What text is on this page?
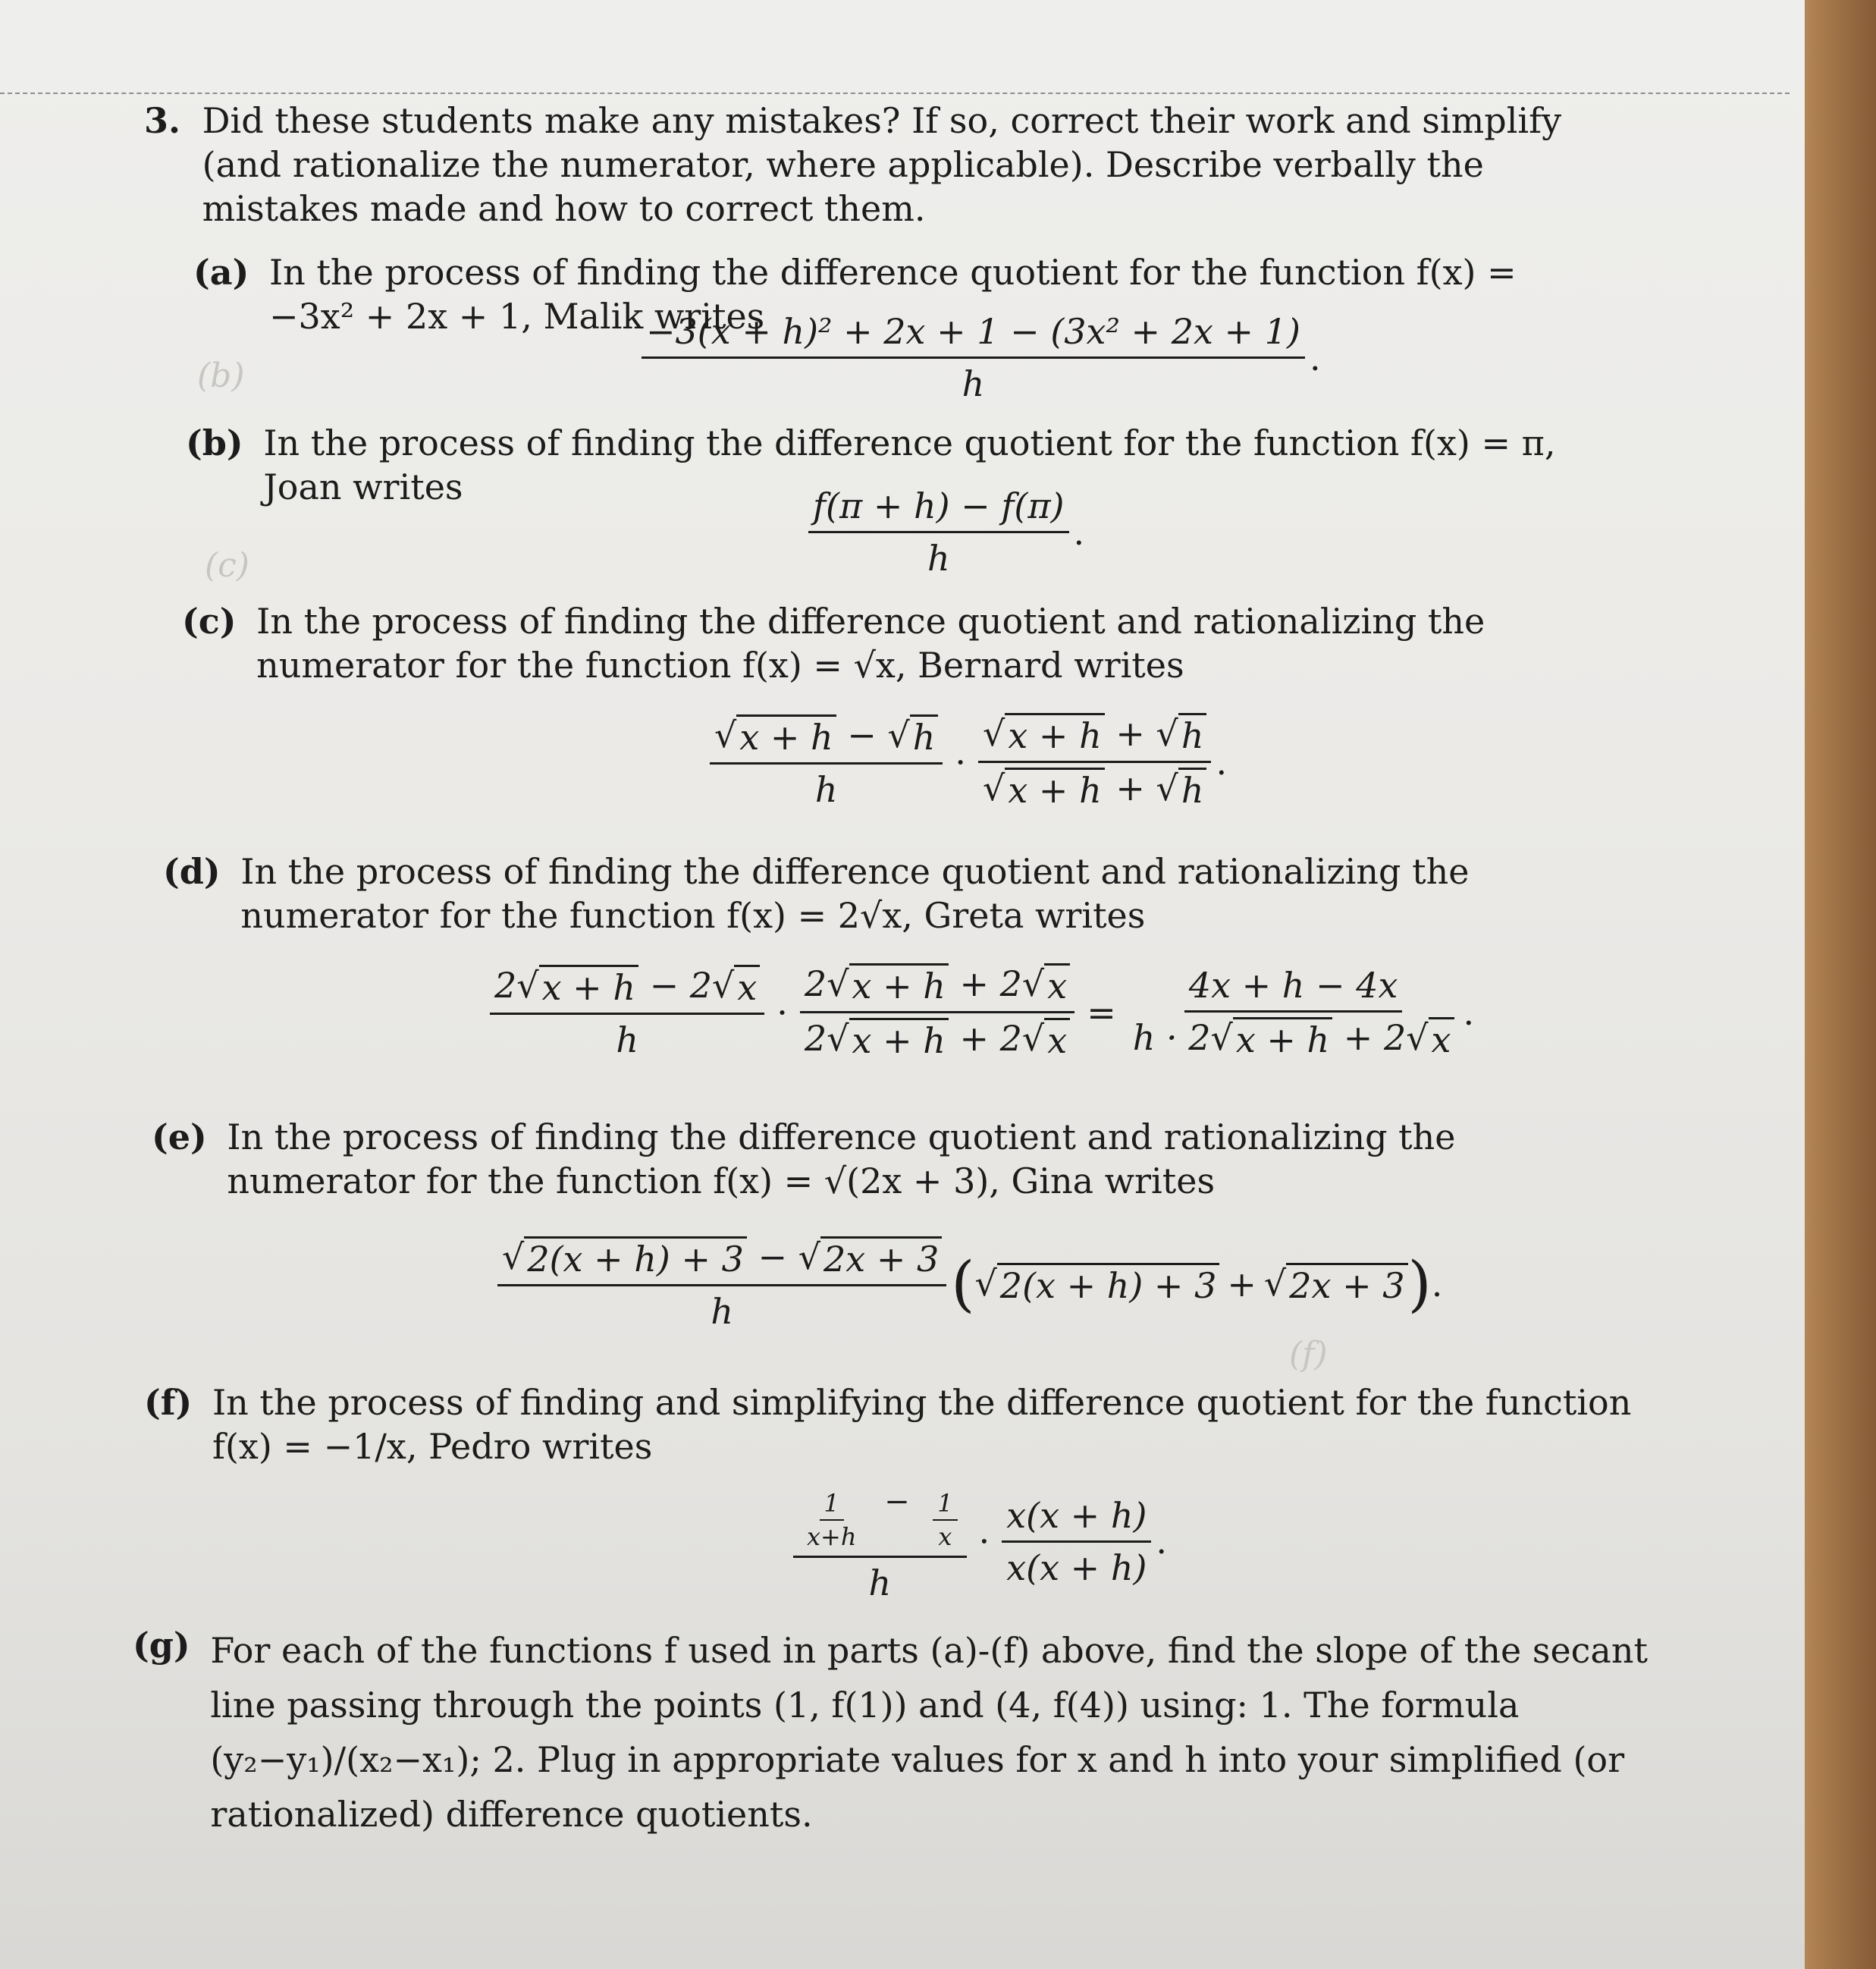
(b)
(c)
(f)
3. Did these students make any mistakes? If so, correct their work and simplify (and rationalize the numerator, where applicable). Describe verbally the mistakes made and how to correct them.
(a) In the process of finding the difference quotient for the function f(x) = −3x² + 2x + 1, Malik writes
$\frac{\text{−3(x + h)² + 2x + 1 − (3x² + 2x + 1)}}{h}$ .
(b) In the process of finding the difference quotient for the function f(x) = π, Joan writes	$\frac{f(\pi + h) - f(\pi)}{h}$ .
(c) In the process of finding the difference quotient and rationalizing the numerator for the function f(x) = √x, Bernard writes
$\frac{√ x + h - √ h}{h} \cdot \frac{√ x + h + √ h}{√ x + h + √ h}$ .
(d) In the process of finding the difference quotient and rationalizing the numerator for the function f(x) = 2√x, Greta writes
$\frac{2 √ x + h - 2 √ x}{h} \cdot \frac{2 √ x + h + 2 √ x}{2 √ x + h + 2 √ x} = \frac{4x + h - 4x}{h \cdot 2 √ x + h + 2 √ x}$ .
(e) In the process of finding the difference quotient and rationalizing the numerator for the function f(x) = √(2x + 3), Gina writes
$\frac{√ 2(x + h) + 3 - √ 2x + 3}{h}$ ( √ 2(x + h) + 3 + √ 2x + 3 ) .
(f) In the process of finding and simplifying the difference quotient for the function f(x) = −1/x, Pedro writes
$\frac{\frac{1}{x+h} - \frac{1}{x}}{h} \cdot \frac{x(x + h)}{x(x + h)}$ .
(g) For each of the functions f used in parts (a)-(f) above, find the slope of the secant line passing through the points (1, f(1)) and (4, f(4)) using: 1. The formula (y₂−y₁)/(x₂−x₁); 2. Plug in appropriate values for x and h into your simplified (or rationalized) difference quotients.
